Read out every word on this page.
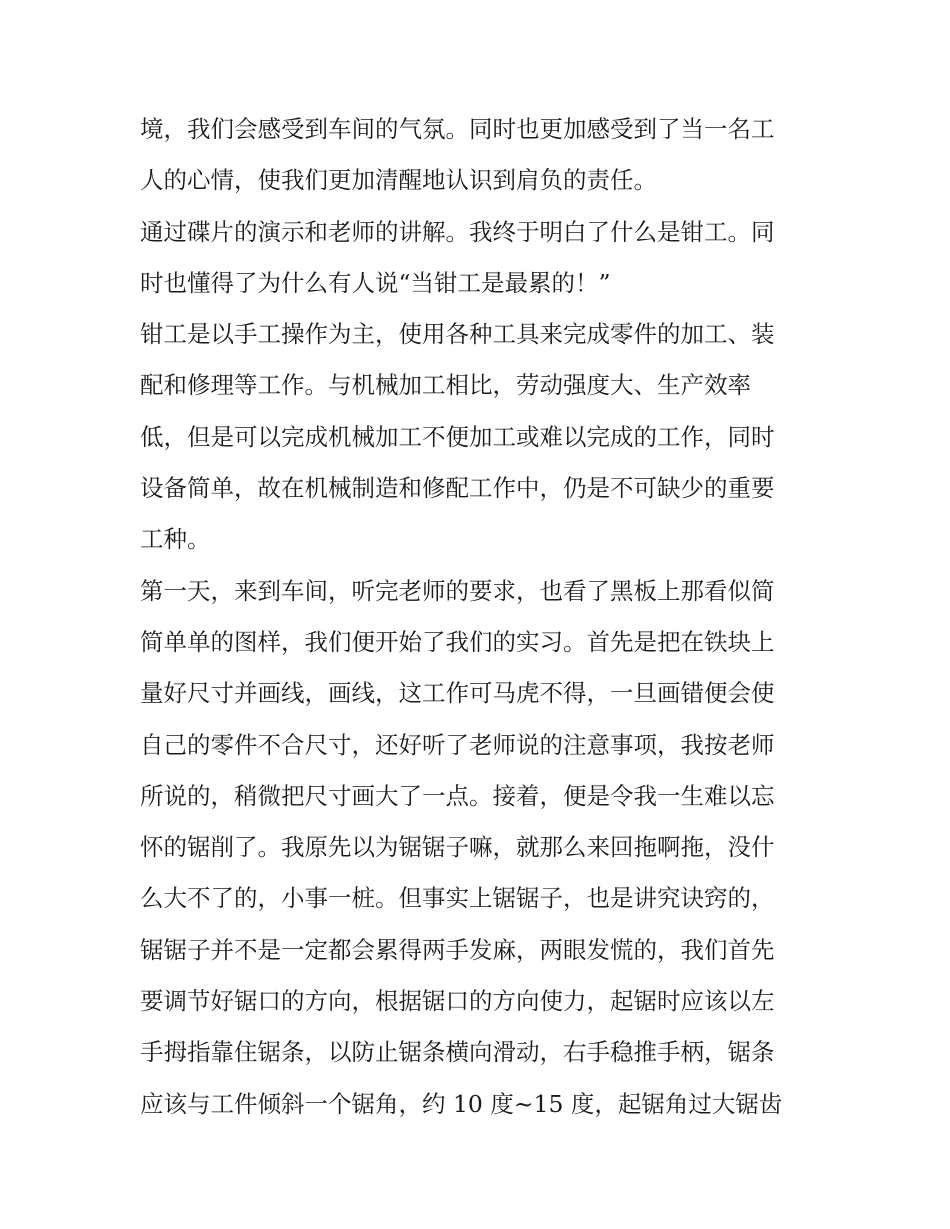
境，我们会感受到车间的气氛。同时也更加感受到了当一名工
人的心情，使我们更加清醒地认识到肩负的责任。
通过碟片的演示和老师的讲解。我终于明白了什么是钳工。同
时也懂得了为什么有人说“当钳工是最累的！”
钳工是以手工操作为主，使用各种工具来完成零件的加工、装
配和修理等工作。与机械加工相比，劳动强度大、生产效率
低，但是可以完成机械加工不便加工或难以完成的工作，同时
设备简单，故在机械制造和修配工作中，仍是不可缺少的重要
工种。
第一天，来到车间，听完老师的要求，也看了黑板上那看似简
简单单的图样，我们便开始了我们的实习。首先是把在铁块上
量好尺寸并画线，画线，这工作可马虎不得，一旦画错便会使
自己的零件不合尺寸，还好听了老师说的注意事项，我按老师
所说的，稍微把尺寸画大了一点。接着，便是令我一生难以忘
怀的锯削了。我原先以为锯锯子嘛，就那么来回拖啊拖，没什
么大不了的，小事一桩。但事实上锯锯子，也是讲究诀窍的，
锯锯子并不是一定都会累得两手发麻，两眼发慌的，我们首先
要调节好锯口的方向，根据锯口的方向使力，起锯时应该以左
手拇指靠住锯条，以防止锯条横向滑动，右手稳推手柄，锯条
应该与工件倾斜一个锯角，约 10 度~15 度，起锯角过大锯齿
